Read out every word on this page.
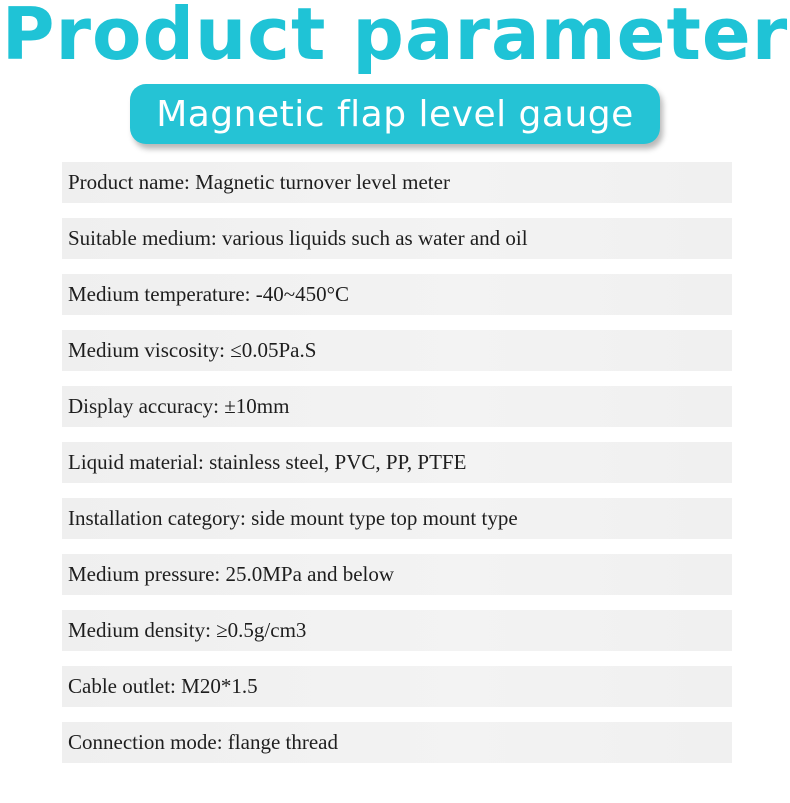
Product parameter
Magnetic flap level gauge
Product name: Magnetic turnover level meter
Suitable medium: various liquids such as water and oil
Medium temperature: -40~450°C
Medium viscosity: ≤0.05Pa.S
Display accuracy: ±10mm
Liquid material: stainless steel, PVC, PP, PTFE
Installation category: side mount type top mount type
Medium pressure: 25.0MPa and below
Medium density: ≥0.5g/cm3
Cable outlet: M20*1.5
Connection mode: flange thread
